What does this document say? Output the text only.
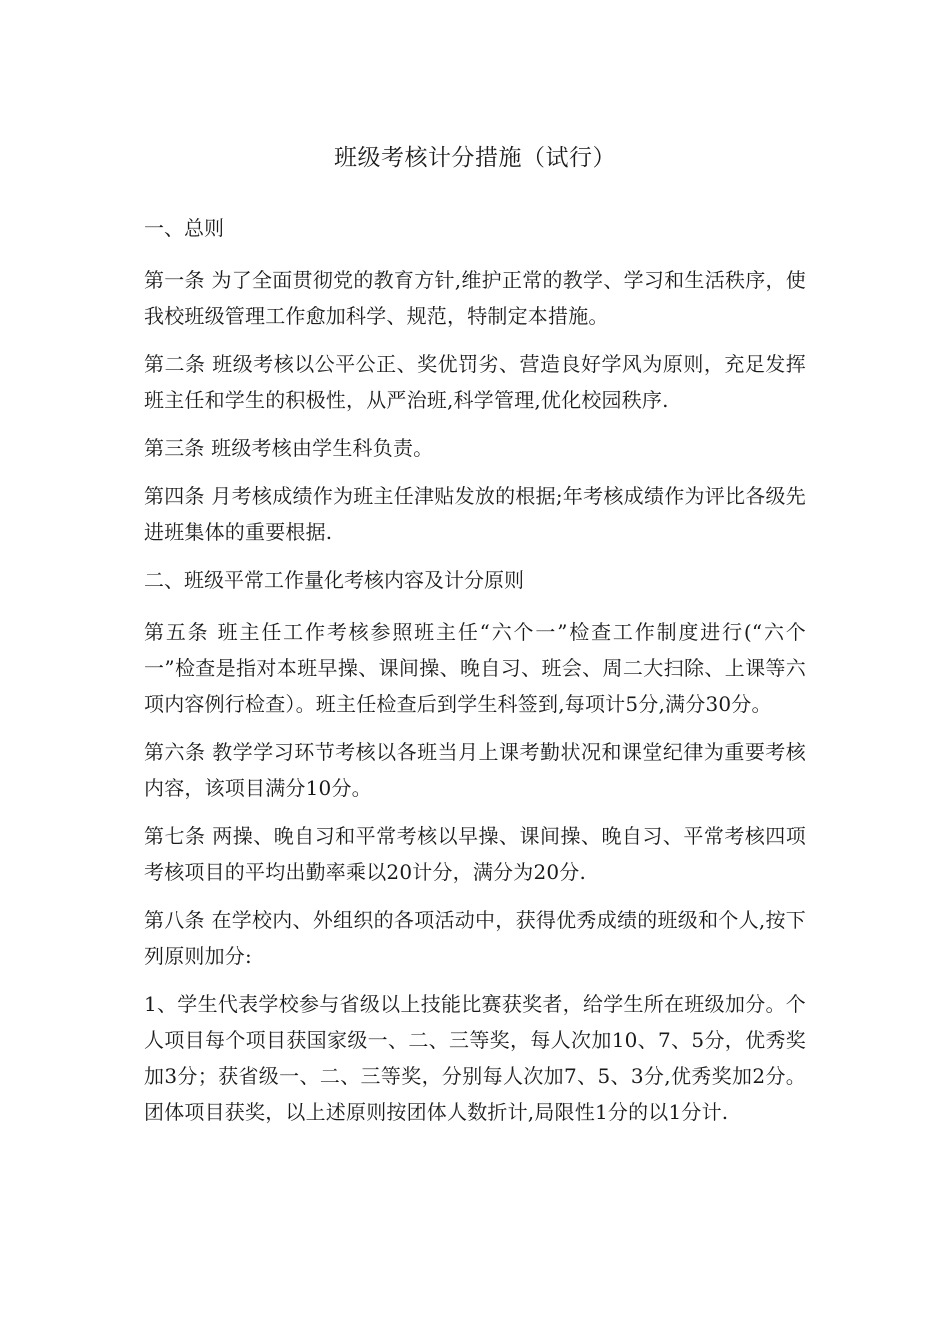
班级考核计分措施（试行）
一、总则

第一条 为了全面贯彻党的教育方针,维护正常的教学、学习和生活秩序，使我校班级管理工作愈加科学、规范，特制定本措施。

第二条 班级考核以公平公正、奖优罚劣、营造良好学风为原则，充足发挥班主任和学生的积极性，从严治班,科学管理,优化校园秩序.

第三条 班级考核由学生科负责。

第四条 月考核成绩作为班主任津贴发放的根据;年考核成绩作为评比各级先进班集体的重要根据.

二、班级平常工作量化考核内容及计分原则

第五条 班主任工作考核参照班主任“六个一”检查工作制度进行(“六个一”检查是指对本班早操、课间操、晚自习、班会、周二大扫除、上课等六项内容例行检查）。班主任检查后到学生科签到,每项计5分,满分30分。

第六条 教学学习环节考核以各班当月上课考勤状况和课堂纪律为重要考核内容，该项目满分10分。

第七条 两操、晚自习和平常考核以早操、课间操、晚自习、平常考核四项考核项目的平均出勤率乘以20计分，满分为20分.

第八条 在学校内、外组织的各项活动中，获得优秀成绩的班级和个人,按下列原则加分:

1、学生代表学校参与省级以上技能比赛获奖者，给学生所在班级加分。个人项目每个项目获国家级一、二、三等奖，每人次加10、7、5分，优秀奖加3分；获省级一、二、三等奖，分别每人次加7、5、3分,优秀奖加2分。团体项目获奖，以上述原则按团体人数折计,局限性1分的以1分计.
